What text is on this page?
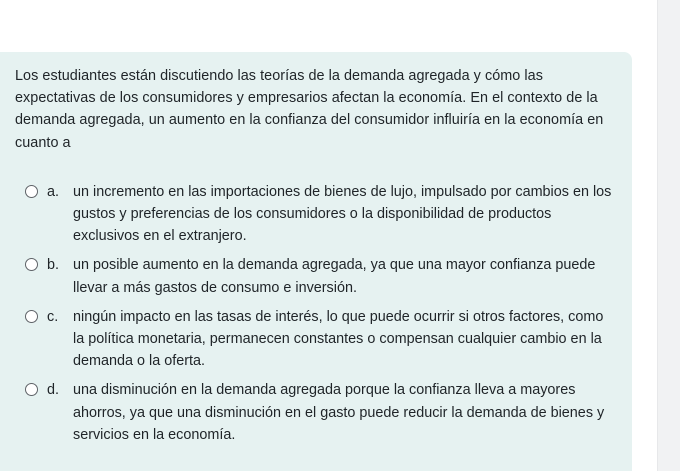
Los estudiantes están discutiendo las teorías de la demanda agregada y cómo las expectativas de los consumidores y empresarios afectan la economía. En el contexto de la demanda agregada, un aumento en la confianza del consumidor influiría en la economía en cuanto a

a. un incremento en las importaciones de bienes de lujo, impulsado por cambios en los gustos y preferencias de los consumidores o la disponibilidad de productos exclusivos en el extranjero.
b. un posible aumento en la demanda agregada, ya que una mayor confianza puede llevar a más gastos de consumo e inversión.
c.	ningún impacto en las tasas de interés, lo que puede ocurrir si otros factores, como la política monetaria, permanecen constantes o compensan cualquier cambio en la demanda o la oferta.
d. una disminución en la demanda agregada porque la confianza lleva a mayores ahorros, ya que una disminución en el gasto puede reducir la demanda de bienes y servicios en la economía.
